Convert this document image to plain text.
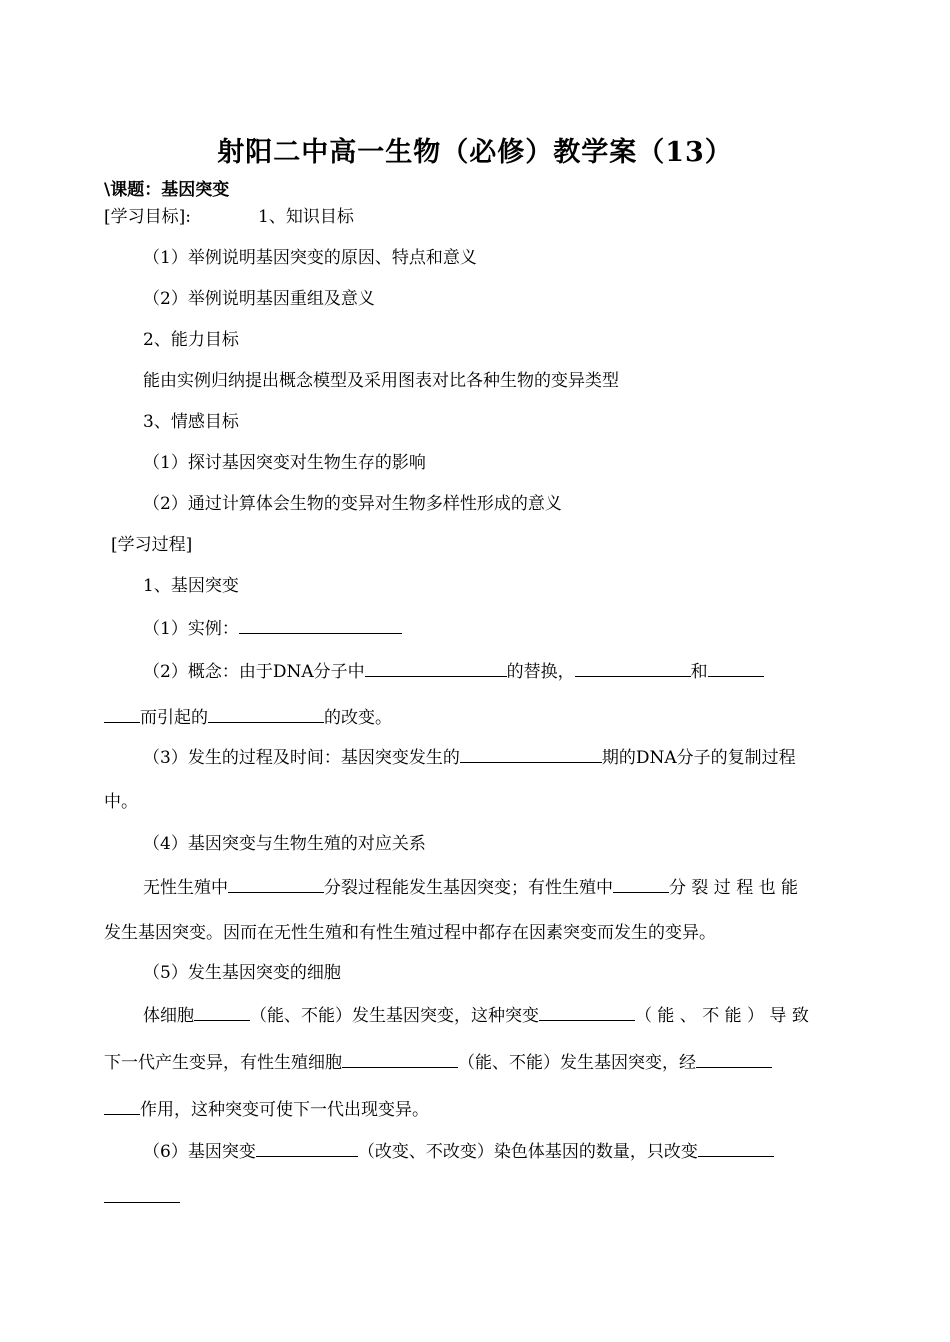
射阳二中高一生物（必修）教学案（13）
\课题：基因突变
[学习目标]:	1、知识目标
（1）举例说明基因突变的原因、特点和意义
（2）举例说明基因重组及意义
2、能力目标
能由实例归纳提出概念模型及采用图表对比各种生物的变异类型
3、情感目标
（1）探讨基因突变对生物生存的影响
（2）通过计算体会生物的变异对生物多样性形成的意义
[学习过程]
1、基因突变
（1）实例：
（2）概念：由于DNA分子中	的替换，	和
而引起的	的改变。
（3）发生的过程及时间：基因突变发生的	期的DNA分子的复制过程
中。
（4）基因突变与生物生殖的对应关系
无性生殖中	分裂过程能发生基因突变；有性生殖中	分 裂 过 程 也 能
发生基因突变。因而在无性生殖和有性生殖过程中都存在因素突变而发生的变异。
（5）发生基因突变的细胞
体细胞	（能、不能）发生基因突变，这种突变	（ 能 、 不 能 ） 导 致
下一代产生变异，有性生殖细胞	（能、不能）发生基因突变，经
作用，这种突变可使下一代出现变异。
（6）基因突变	（改变、不改变）染色体基因的数量，只改变
